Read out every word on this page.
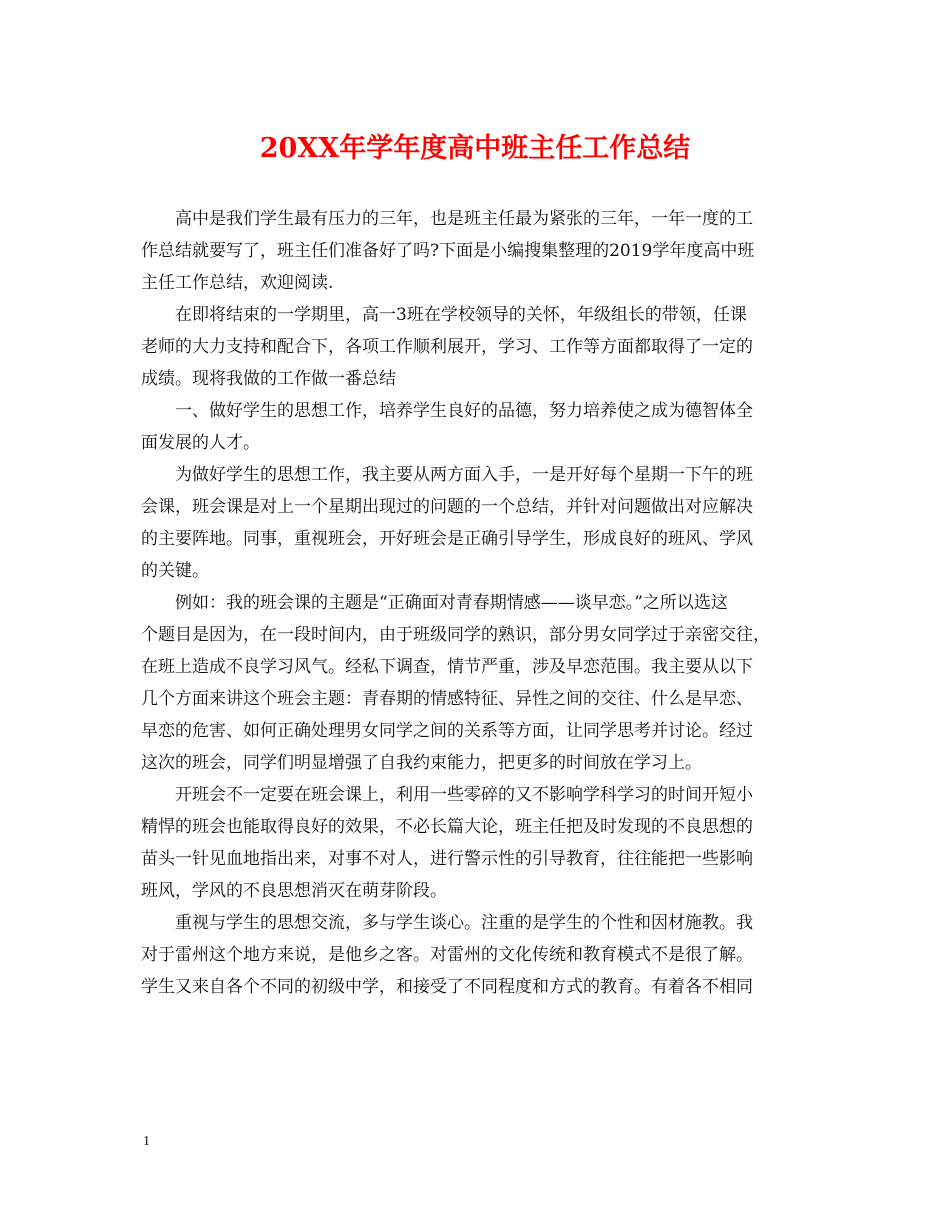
20XX年学年度高中班主任工作总结
　　高中是我们学生最有压力的三年，也是班主任最为紧张的三年，一年一度的工
作总结就要写了，班主任们准备好了吗?下面是小编搜集整理的2019学年度高中班
主任工作总结，欢迎阅读.
　　在即将结束的一学期里，高一3班在学校领导的关怀，年级组长的带领，任课
老师的大力支持和配合下，各项工作顺利展开，学习、工作等方面都取得了一定的
成绩。现将我做的工作做一番总结
　　一、做好学生的思想工作，培养学生良好的品德，努力培养使之成为德智体全
面发展的人才。
　　为做好学生的思想工作，我主要从两方面入手，一是开好每个星期一下午的班
会课，班会课是对上一个星期出现过的问题的一个总结，并针对问题做出对应解决
的主要阵地。同事，重视班会，开好班会是正确引导学生，形成良好的班风、学风
的关键。
　　例如：我的班会课的主题是“正确面对青春期情感——谈早恋。”之所以选这
个题目是因为，在一段时间内，由于班级同学的熟识，部分男女同学过于亲密交往，
在班上造成不良学习风气。经私下调查，情节严重，涉及早恋范围。我主要从以下
几个方面来讲这个班会主题：青春期的情感特征、异性之间的交往、什么是早恋、
早恋的危害、如何正确处理男女同学之间的关系等方面，让同学思考并讨论。经过
这次的班会，同学们明显增强了自我约束能力，把更多的时间放在学习上。
　　开班会不一定要在班会课上，利用一些零碎的又不影响学科学习的时间开短小
精悍的班会也能取得良好的效果，不必长篇大论，班主任把及时发现的不良思想的
苗头一针见血地指出来，对事不对人，进行警示性的引导教育，往往能把一些影响
班风，学风的不良思想消灭在萌芽阶段。
　　重视与学生的思想交流，多与学生谈心。注重的是学生的个性和因材施教。我
对于雷州这个地方来说，是他乡之客。对雷州的文化传统和教育模式不是很了解。
学生又来自各个不同的初级中学，和接受了不同程度和方式的教育。有着各不相同
1
